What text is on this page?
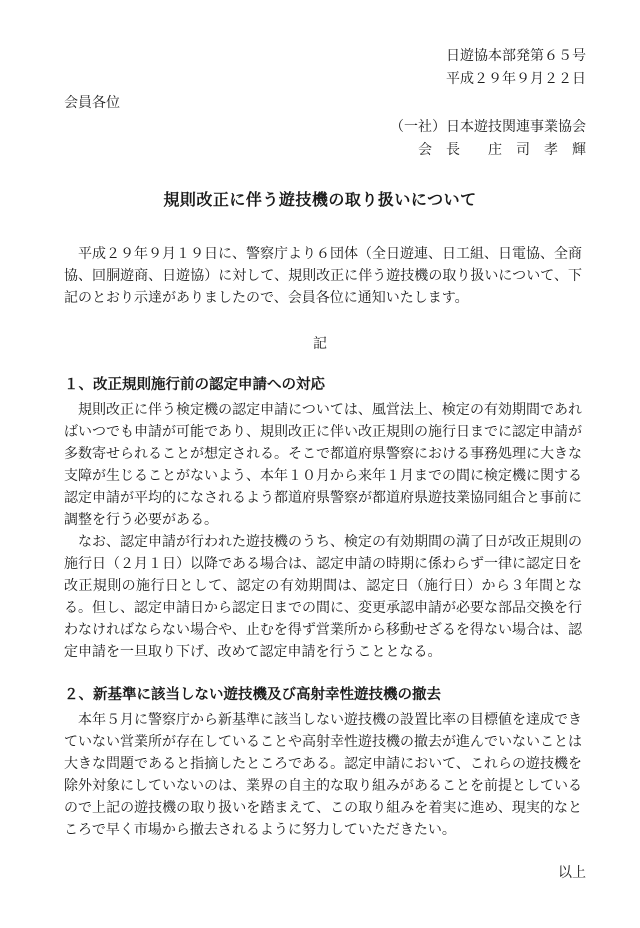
日遊協本部発第６５号
平成２９年９月２２日
会員各位
（一社）日本遊技関連事業協会
会　長　　庄　司　孝　輝
規則改正に伴う遊技機の取り扱いについて

平成２９年９月１９日に、警察庁より６団体（全日遊連、日工組、日電協、全商協、回胴遊商、日遊協）に対して、規則改正に伴う遊技機の取り扱いについて、下記のとおり示達がありましたので、会員各位に通知いたします。

記
１、改正規則施行前の認定申請への対応

規則改正に伴う検定機の認定申請については、風営法上、検定の有効期間であればいつでも申請が可能であり、規則改正に伴い改正規則の施行日までに認定申請が多数寄せられることが想定される。そこで都道府県警察における事務処理に大きな支障が生じることがないよう、本年１０月から来年１月までの間に検定機に関する認定申請が平均的になされるよう都道府県警察が都道府県遊技業協同組合と事前に調整を行う必要がある。

なお、認定申請が行われた遊技機のうち、検定の有効期間の満了日が改正規則の施行日（２月１日）以降である場合は、認定申請の時期に係わらず一律に認定日を改正規則の施行日として、認定の有効期間は、認定日（施行日）から３年間となる。但し、認定申請日から認定日までの間に、変更承認申請が必要な部品交換を行わなければならない場合や、止むを得ず営業所から移動せざるを得ない場合は、認定申請を一旦取り下げ、改めて認定申請を行うこととなる。

２、新基準に該当しない遊技機及び高射幸性遊技機の撤去

本年５月に警察庁から新基準に該当しない遊技機の設置比率の目標値を達成できていない営業所が存在していることや高射幸性遊技機の撤去が進んでいないことは大きな問題であると指摘したところである。認定申請において、これらの遊技機を除外対象にしていないのは、業界の自主的な取り組みがあることを前提としているので上記の遊技機の取り扱いを踏まえて、この取り組みを着実に進め、現実的なところで早く市場から撤去されるように努力していただきたい。

以上
